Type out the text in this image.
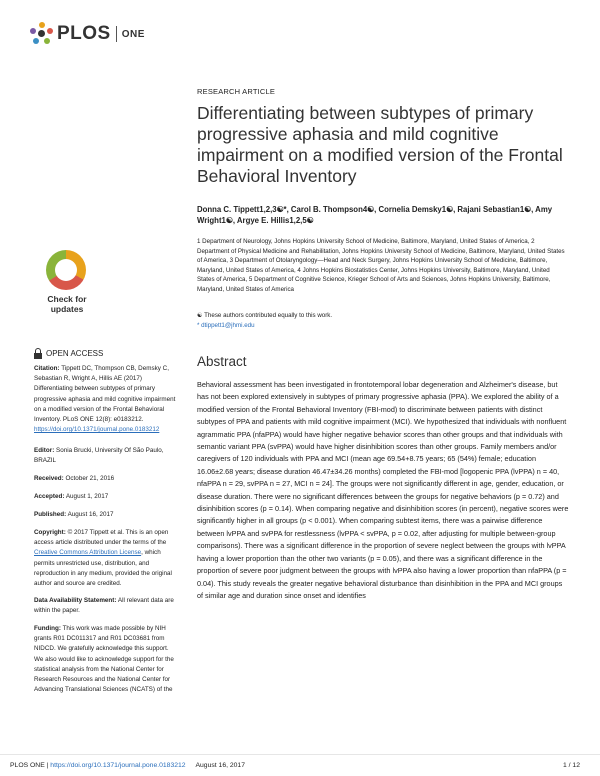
PLOS ONE
Check for
updates
OPEN ACCESS
Citation: Tippett DC, Thompson CB, Demsky C, Sebastian R, Wright A, Hillis AE (2017) Differentiating between subtypes of primary progressive aphasia and mild cognitive impairment on a modified version of the Frontal Behavioral Inventory. PLoS ONE 12(8): e0183212. https://doi.org/10.1371/journal.pone.0183212
Editor: Sonia Brucki, University Of São Paulo, BRAZIL
Received: October 21, 2016
Accepted: August 1, 2017
Published: August 16, 2017
Copyright: © 2017 Tippett et al. This is an open access article distributed under the terms of the Creative Commons Attribution License, which permits unrestricted use, distribution, and reproduction in any medium, provided the original author and source are credited.
Data Availability Statement: All relevant data are within the paper.
Funding: This work was made possible by NIH grants R01 DC011317 and R01 DC03681 from NIDCD. We gratefully acknowledge this support. We also would like to acknowledge support for the statistical analysis from the National Center for Research Resources and the National Center for Advancing Translational Sciences (NCATS) of the
RESEARCH ARTICLE
Differentiating between subtypes of primary progressive aphasia and mild cognitive impairment on a modified version of the Frontal Behavioral Inventory
Donna C. Tippett1,2,3☯*, Carol B. Thompson4☯, Cornelia Demsky1☯, Rajani Sebastian1☯, Amy Wright1☯, Argye E. Hillis1,2,5☯
1 Department of Neurology, Johns Hopkins University School of Medicine, Baltimore, Maryland, United States of America, 2 Department of Physical Medicine and Rehabilitation, Johns Hopkins University School of Medicine, Baltimore, Maryland, United States of America, 3 Department of Otolaryngology—Head and Neck Surgery, Johns Hopkins University School of Medicine, Baltimore, Maryland, United States of America, 4 Johns Hopkins Biostatistics Center, Johns Hopkins University, Baltimore, Maryland, United States of America, 5 Department of Cognitive Science, Krieger School of Arts and Sciences, Johns Hopkins University, Baltimore, Maryland, United States of America
☯ These authors contributed equally to this work.
* dtippett1@jhmi.edu
Abstract
Behavioral assessment has been investigated in frontotemporal lobar degeneration and Alzheimer's disease, but has not been explored extensively in subtypes of primary progressive aphasia (PPA). We explored the ability of a modified version of the Frontal Behavioral Inventory (FBI-mod) to discriminate between patients with distinct subtypes of PPA and patients with mild cognitive impairment (MCI). We hypothesized that individuals with nonfluent agrammatic PPA (nfaPPA) would have higher negative behavior scores than other groups and that individuals with semantic variant PPA (svPPA) would have higher disinhibition scores than other groups. Family members and/or caregivers of 120 individuals with PPA and MCI (mean age 69.54+8.75 years; 65 (54%) female; education 16.06±2.68 years; disease duration 46.47±34.26 months) completed the FBI-mod [logopenic PPA (lvPPA) n = 40, nfaPPA n = 29, svPPA n = 27, MCI n = 24]. The groups were not significantly different in age, gender, education, or disease duration. There were no significant differences between the groups for negative behaviors (p = 0.72) and disinhibition scores (p = 0.14). When comparing negative and disinhibition scores (in percent), negative scores were significantly higher in all groups (p < 0.001). When comparing subtest items, there was a pairwise difference between lvPPA and svPPA for restlessness (lvPPA < svPPA, p = 0.02, after adjusting for multiple between-group comparisons). There was a significant difference in the proportion of severe neglect between the groups with lvPPA having a lower proportion than the other two variants (p = 0.05), and there was a significant difference in the proportion of severe poor judgment between the groups with lvPPA also having a lower proportion than nfaPPA (p = 0.04). This study reveals the greater negative behavioral disturbance than disinhibition in the PPA and MCI groups of similar age and duration since onset and identifies
PLOS ONE | https://doi.org/10.1371/journal.pone.0183212 August 16, 2017	1 / 12
